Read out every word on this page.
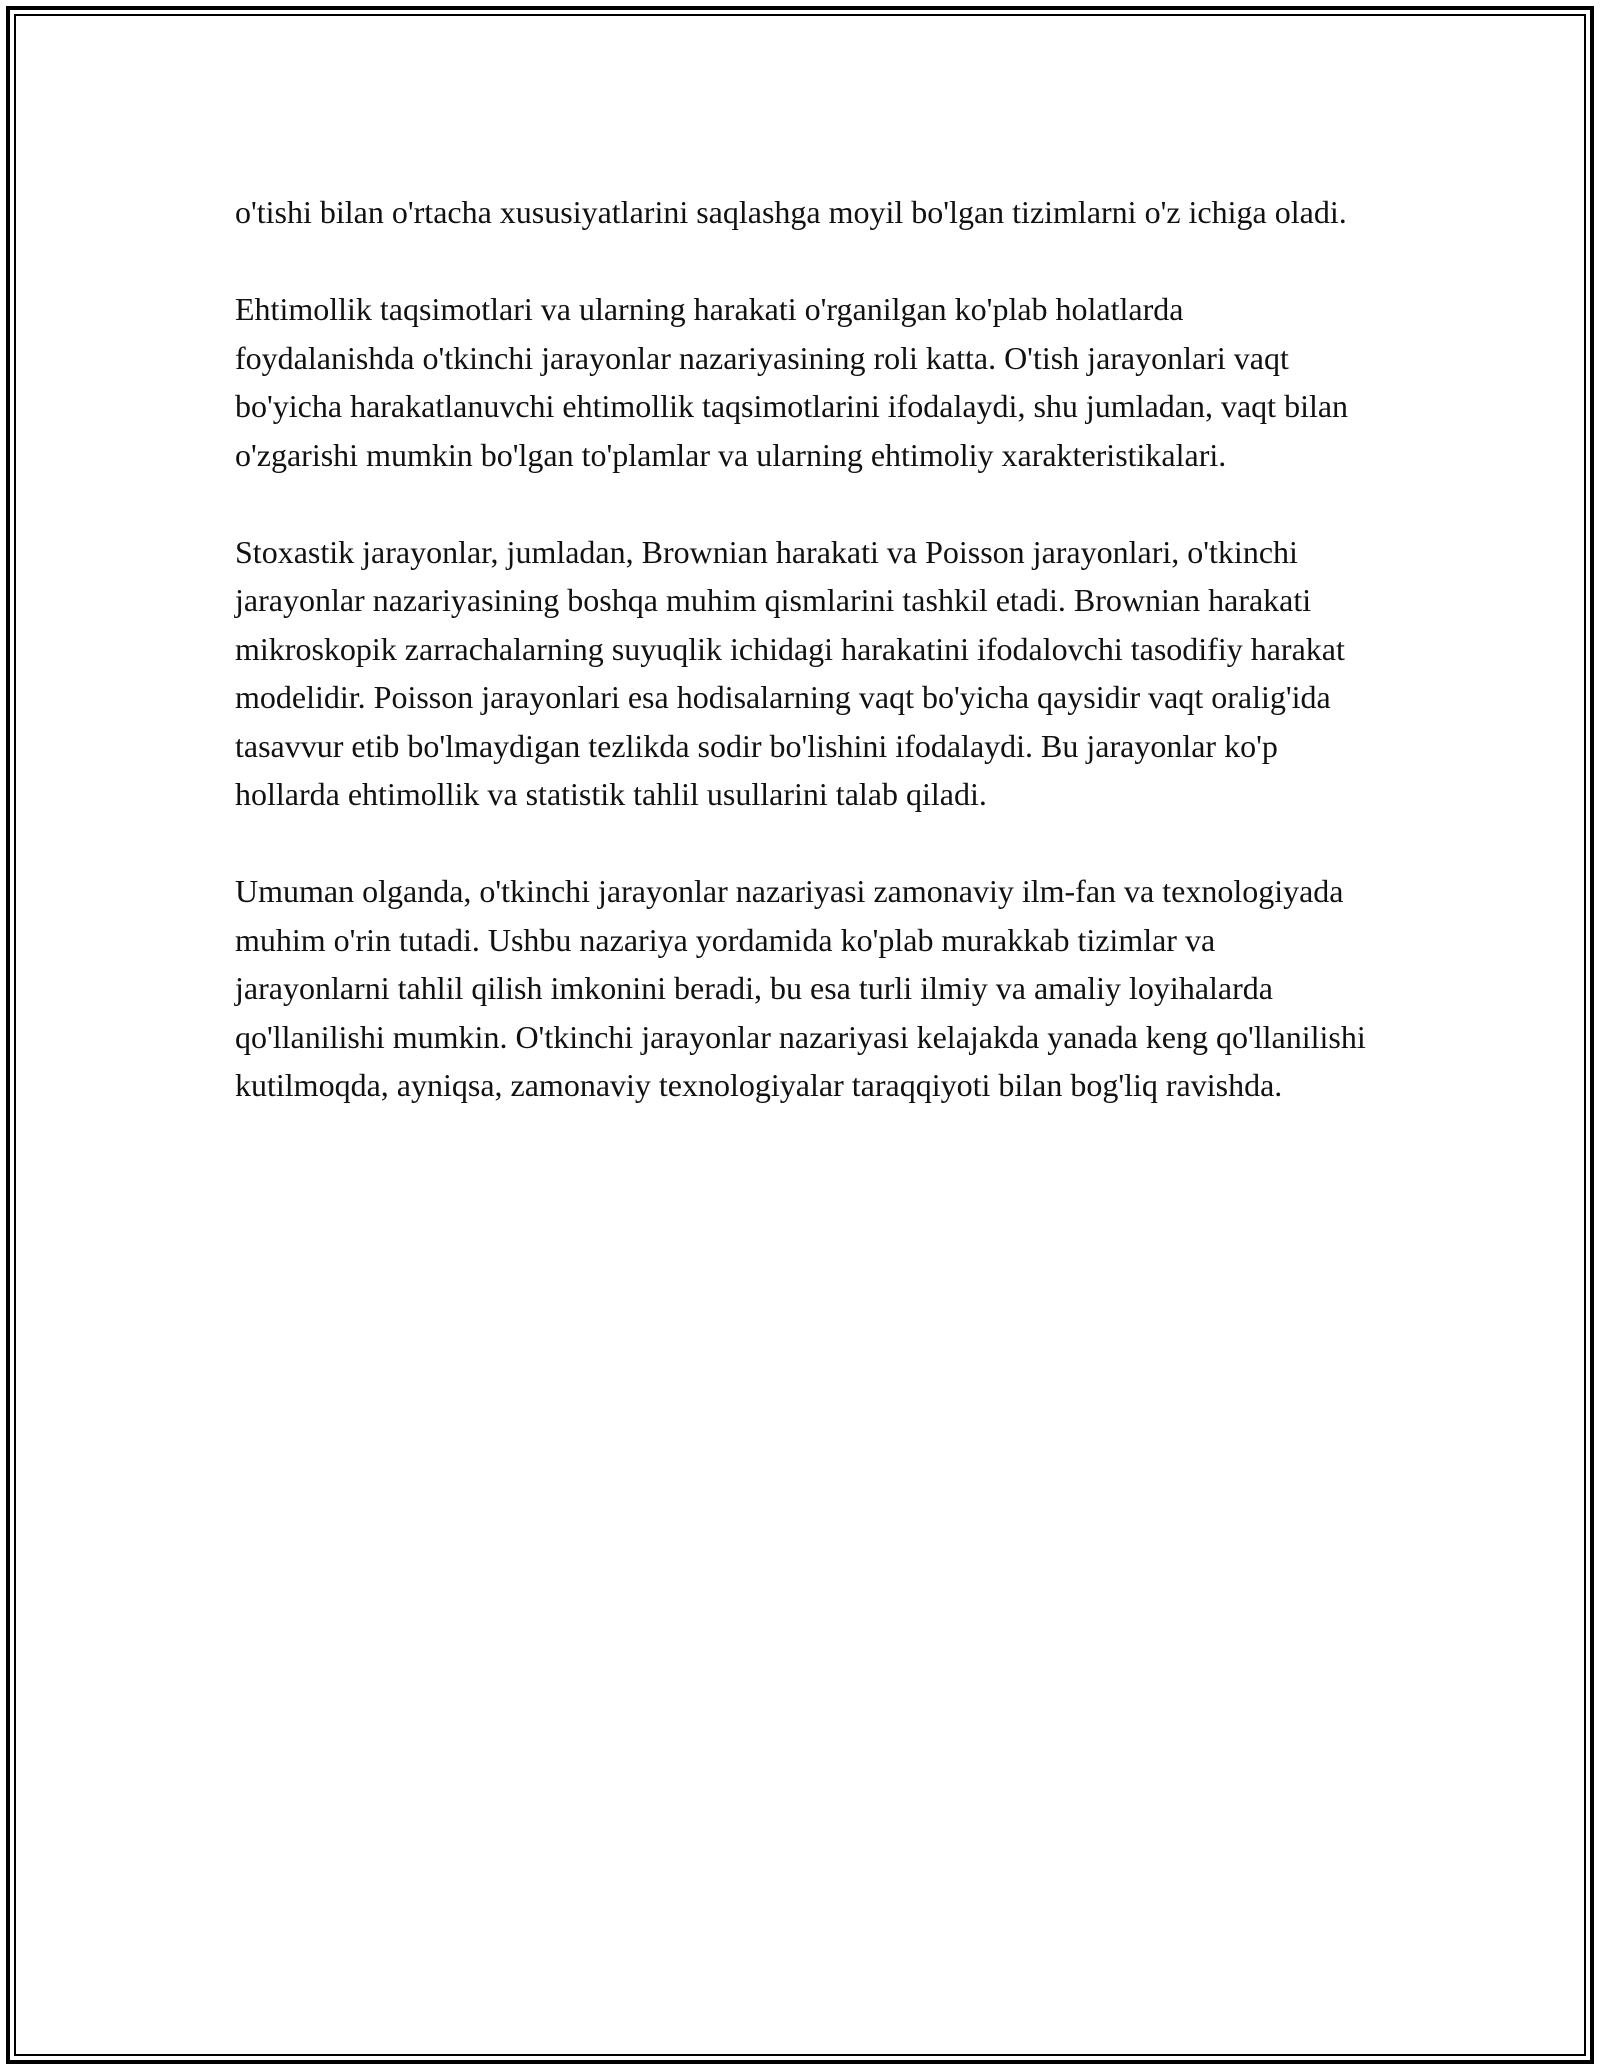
o'tishi bilan o'rtacha xususiyatlarini saqlashga moyil bo'lgan tizimlarni o'z ichiga oladi.

Ehtimollik taqsimotlari va ularning harakati o'rganilgan ko'plab holatlarda foydalanishda o'tkinchi jarayonlar nazariyasining roli katta. O'tish jarayonlari vaqt bo'yicha harakatlanuvchi ehtimollik taqsimotlarini ifodalaydi, shu jumladan, vaqt bilan o'zgarishi mumkin bo'lgan to'plamlar va ularning ehtimoliy xarakteristikalari.

Stoxastik jarayonlar, jumladan, Brownian harakati va Poisson jarayonlari, o'tkinchi jarayonlar nazariyasining boshqa muhim qismlarini tashkil etadi. Brownian harakati mikroskopik zarrachalarning suyuqlik ichidagi harakatini ifodalovchi tasodifiy harakat modelidir. Poisson jarayonlari esa hodisalarning vaqt bo'yicha qaysidir vaqt oralig'ida tasavvur etib bo'lmaydigan tezlikda sodir bo'lishini ifodalaydi. Bu jarayonlar ko'p hollarda ehtimollik va statistik tahlil usullarini talab qiladi.

Umuman olganda, o'tkinchi jarayonlar nazariyasi zamonaviy ilm-fan va texnologiyada muhim o'rin tutadi. Ushbu nazariya yordamida ko'plab murakkab tizimlar va jarayonlarni tahlil qilish imkonini beradi, bu esa turli ilmiy va amaliy loyihalarda qo'llanilishi mumkin. O'tkinchi jarayonlar nazariyasi kelajakda yanada keng qo'llanilishi kutilmoqda, ayniqsa, zamonaviy texnologiyalar taraqqiyoti bilan bog'liq ravishda.
